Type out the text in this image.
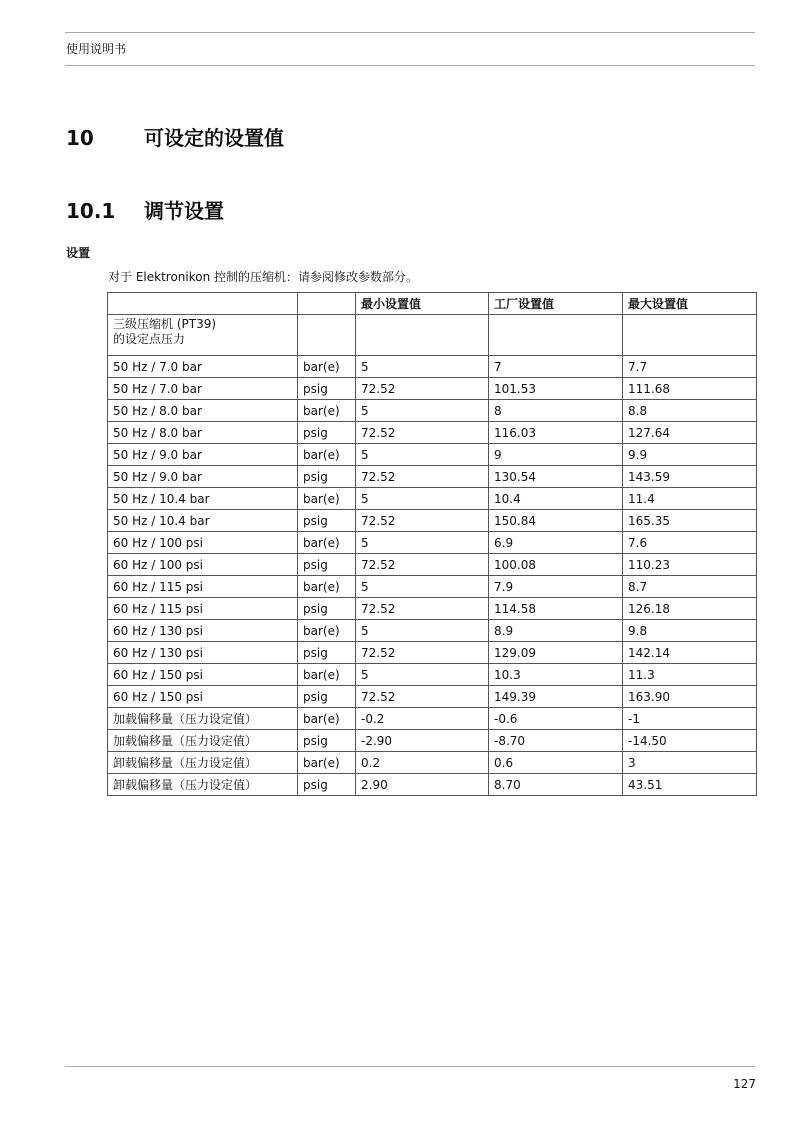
使用说明书
10	可设定的设置值
10.1 调节设置
设置
对于 Elektronikon 控制的压缩机：请参阅修改参数部分。
		最小设置值	工厂设置值	最大设置值
三级压缩机 (PT39)
的设定点压力				
50 Hz / 7.0 bar	bar(e)	5	7	7.7
50 Hz / 7.0 bar	psig	72.52	101.53	111.68
50 Hz / 8.0 bar	bar(e)	5	8	8.8
50 Hz / 8.0 bar	psig	72.52	116.03	127.64
50 Hz / 9.0 bar	bar(e)	5	9	9.9
50 Hz / 9.0 bar	psig	72.52	130.54	143.59
50 Hz / 10.4 bar	bar(e)	5	10.4	11.4
50 Hz / 10.4 bar	psig	72.52	150.84	165.35
60 Hz / 100 psi	bar(e)	5	6.9	7.6
60 Hz / 100 psi	psig	72.52	100.08	110.23
60 Hz / 115 psi	bar(e)	5	7.9	8.7
60 Hz / 115 psi	psig	72.52	114.58	126.18
60 Hz / 130 psi	bar(e)	5	8.9	9.8
60 Hz / 130 psi	psig	72.52	129.09	142.14
60 Hz / 150 psi	bar(e)	5	10.3	11.3
60 Hz / 150 psi	psig	72.52	149.39	163.90
加载偏移量（压力设定值）	bar(e)	-0.2	-0.6	-1
加载偏移量（压力设定值）	psig	-2.90	-8.70	-14.50
卸载偏移量（压力设定值）	bar(e)	0.2	0.6	3
卸载偏移量（压力设定值）	psig	2.90	8.70	43.51
127
